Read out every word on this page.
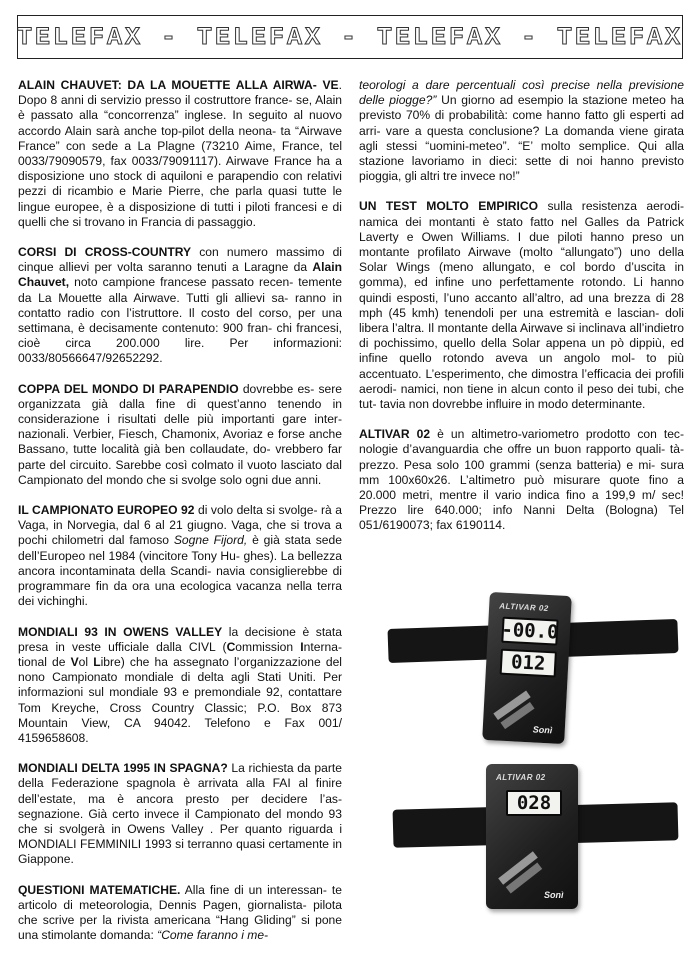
TELEFAX - TELEFAX - TELEFAX - TELEFAX

ALAIN CHAUVET: DA LA MOUETTE ALLA AIRWA- VE. Dopo 8 anni di servizio presso il costruttore france- se, Alain è passato alla “concorrenza” inglese. In seguito al nuovo accordo Alain sarà anche top-pilot della neona- ta “Airwave France” con sede a La Plagne (73210 Aime, France, tel 0033/79090579, fax 0033/79091117). Airwave France ha a disposizione uno stock di aquiloni e parapendio con relativi pezzi di ricambio e Marie Pierre, che parla quasi tutte le lingue europee, è a disposizione di tutti i piloti francesi e di quelli che si trovano in Francia di passaggio.

CORSI DI CROSS-COUNTRY con numero massimo di cinque allievi per volta saranno tenuti a Laragne da Alain Chauvet, noto campione francese passato recen- temente da La Mouette alla Airwave. Tutti gli allievi sa- ranno in contatto radio con l’istruttore. Il costo del corso, per una settimana, è decisamente contenuto: 900 fran- chi francesi, cioè circa 200.000 lire. Per informazioni: 0033/80566647/92652292.

COPPA DEL MONDO DI PARAPENDIO dovrebbe es- sere organizzata già dalla fine di quest’anno tenendo in considerazione i risultati delle più importanti gare inter- nazionali. Verbier, Fiesch, Chamonix, Avoriaz e forse anche Bassano, tutte località già ben collaudate, do- vrebbero far parte del circuito. Sarebbe così colmato il vuoto lasciato dal Campionato del mondo che si svolge solo ogni due anni.

IL CAMPIONATO EUROPEO 92 di volo delta si svolge- rà a Vaga, in Norvegia, dal 6 al 21 giugno. Vaga, che si trova a pochi chilometri dal famoso Sogne Fijord, è già stata sede dell’Europeo nel 1984 (vincitore Tony Hu- ghes). La bellezza ancora incontaminata della Scandi- navia consiglierebbe di programmare fin da ora una ecologica vacanza nella terra dei vichinghi.

MONDIALI 93 IN OWENS VALLEY la decisione è stata presa in veste ufficiale dalla CIVL (Commission Interna- tional de Vol Libre) che ha assegnato l’organizzazione del nono Campionato mondiale di delta agli Stati Uniti. Per informazioni sul mondiale 93 e premondiale 92, contattare Tom Kreyche, Cross Country Classic; P.O. Box 873 Mountain View, CA 94042. Telefono e Fax 001/ 4159658608.

MONDIALI DELTA 1995 IN SPAGNA? La richiesta da parte della Federazione spagnola è arrivata alla FAI al finire dell’estate, ma è ancora presto per decidere l’as- segnazione. Già certo invece il Campionato del mondo 93 che si svolgerà in Owens Valley . Per quanto riguarda i MONDIALI FEMMINILI 1993 si terranno quasi certamente in Giappone.

QUESTIONI MATEMATICHE. Alla fine di un interessan- te articolo di meteorologia, Dennis Pagen, giornalista- pilota che scrive per la rivista americana “Hang Gliding” si pone una stimolante domanda: “Come faranno i me-

teorologi a dare percentuali così precise nella previsione delle piogge?” Un giorno ad esempio la stazione meteo ha previsto 70% di probabilità: come hanno fatto gli esperti ad arri- vare a questa conclusione? La domanda viene girata agli stessi “uomini-meteo”. “E’ molto semplice. Qui alla stazione lavoriamo in dieci: sette di noi hanno previsto pioggia, gli altri tre invece no!”

UN TEST MOLTO EMPIRICO sulla resistenza aerodi- namica dei montanti è stato fatto nel Galles da Patrick Laverty e Owen Williams. I due piloti hanno preso un montante profilato Airwave (molto “allungato”) uno della Solar Wings (meno allungato, e col bordo d’uscita in gomma), ed infine uno perfettamente rotondo. Li hanno quindi esposti, l’uno accanto all’altro, ad una brezza di 28 mph (45 kmh) tenendoli per una estremità e lascian- doli libera l’altra. Il montante della Airwave si inclinava all’indietro di pochissimo, quello della Solar appena un pò dippiù, ed infine quello rotondo aveva un angolo mol- to più accentuato. L’esperimento, che dimostra l’efficacia dei profili aerodi- namici, non tiene in alcun conto il peso dei tubi, che tut- tavia non dovrebbe influire in modo determinante.

ALTIVAR 02 è un altimetro-variometro prodotto con tec- nologie d’avanguardia che offre un buon rapporto quali- tà-prezzo. Pesa solo 100 grammi (senza batteria) e mi- sura mm 100x60x26. L’altimetro può misurare quote fino a 20.000 metri, mentre il vario indica fino a 199,9 m/ sec! Prezzo lire 640.000; info Nanni Delta (Bologna) Tel 051/6190073; fax 6190114.

ALTIVAR 02
-00.0
012
Sonì
ALTIVAR 02
028
Sonì
